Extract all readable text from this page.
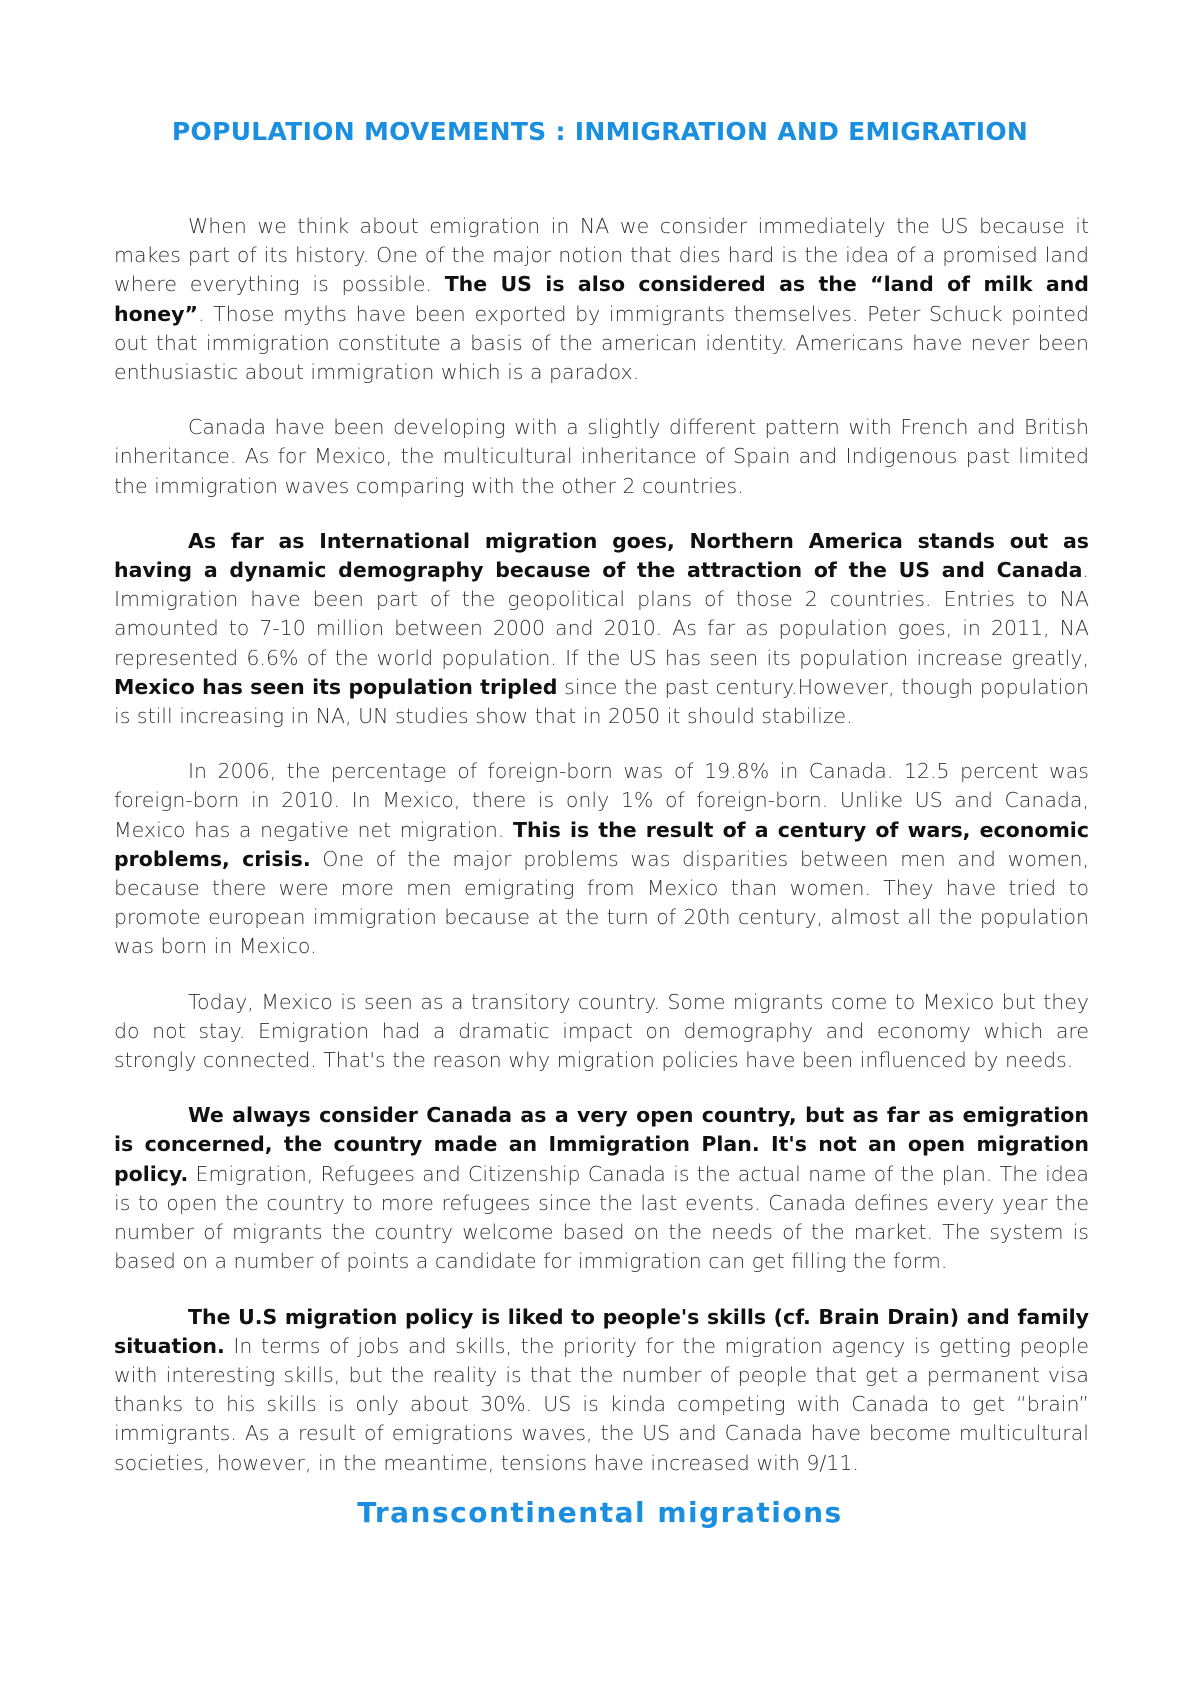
POPULATION MOVEMENTS : INMIGRATION AND EMIGRATION

When we think about emigration in NA we consider immediately the US because it makes part of its history. One of the major notion that dies hard is the idea of a promised land where everything is possible. The US is also considered as the “land of milk and honey”. Those myths have been exported by immigrants themselves. Peter Schuck pointed out that immigration constitute a basis of the american identity. Americans have never been enthusiastic about immigration which is a paradox.

Canada have been developing with a slightly different pattern with French and British inheritance. As for Mexico, the multicultural inheritance of Spain and Indigenous past limited the immigration waves comparing with the other 2 countries.

As far as International migration goes, Northern America stands out as having a dynamic demography because of the attraction of the US and Canada. Immigration have been part of the geopolitical plans of those 2 countries. Entries to NA amounted to 7-10 million between 2000 and 2010. As far as population goes, in 2011, NA represented 6.6% of the world population. If the US has seen its population increase greatly, Mexico has seen its population tripled since the past century.However, though population is still increasing in NA, UN studies show that in 2050 it should stabilize.

In 2006, the percentage of foreign-born was of 19.8% in Canada. 12.5 percent was foreign-born in 2010. In Mexico, there is only 1% of foreign-born. Unlike US and Canada, Mexico has a negative net migration. This is the result of a century of wars, economic problems, crisis. One of the major problems was disparities between men and women, because there were more men emigrating from Mexico than women. They have tried to promote european immigration because at the turn of 20th century, almost all the population was born in Mexico.

Today, Mexico is seen as a transitory country. Some migrants come to Mexico but they do not stay. Emigration had a dramatic impact on demography and economy which are strongly connected. That's the reason why migration policies have been influenced by needs.

We always consider Canada as a very open country, but as far as emigration is concerned, the country made an Immigration Plan. It's not an open migration policy. Emigration, Refugees and Citizenship Canada is the actual name of the plan. The idea is to open the country to more refugees since the last events. Canada defines every year the number of migrants the country welcome based on the needs of the market. The system is based on a number of points a candidate for immigration can get filling the form.

The U.S migration policy is liked to people's skills (cf. Brain Drain) and family situation. In terms of jobs and skills, the priority for the migration agency is getting people with interesting skills, but the reality is that the number of people that get a permanent visa thanks to his skills is only about 30%. US is kinda competing with Canada to get “brain” immigrants. As a result of emigrations waves, the US and Canada have become multicultural societies, however, in the meantime, tensions have increased with 9/11.

Transcontinental migrations
